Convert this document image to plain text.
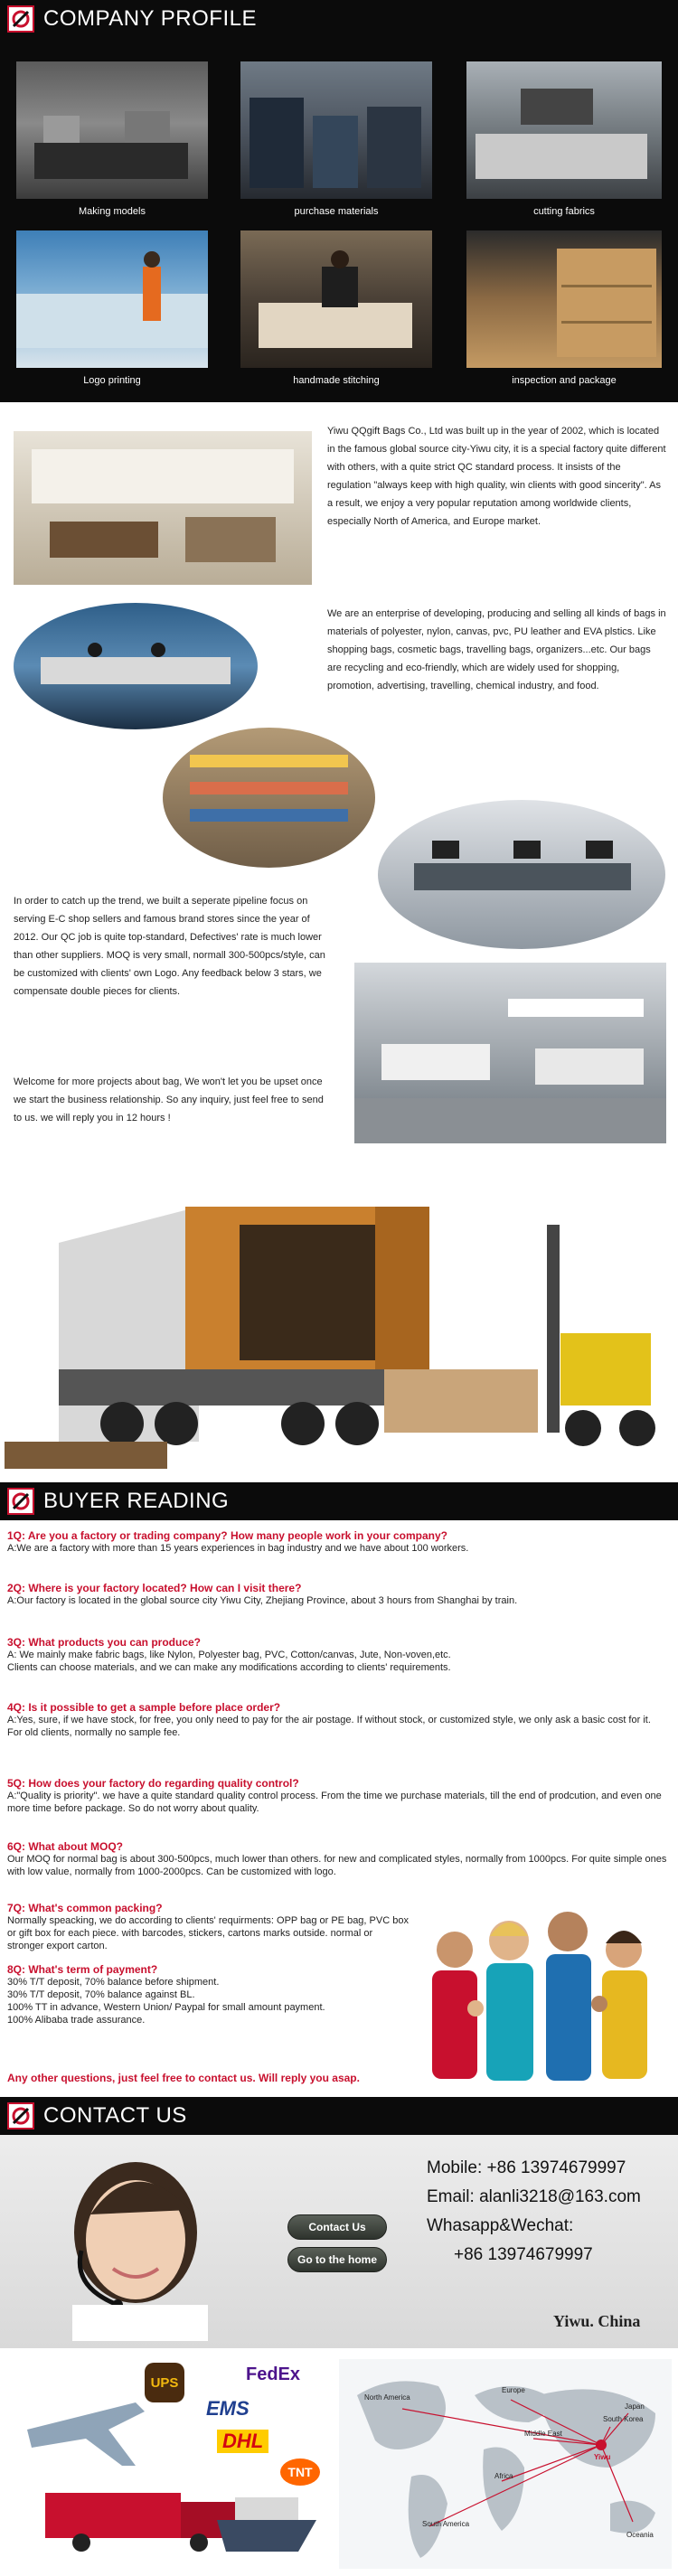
COMPANY PROFILE
Making models	purchase materials	cutting fabrics
Logo printing	handmade stitching	inspection and package

Yiwu QQgift Bags Co., Ltd was built up in the year of 2002, which is located in the famous global source city-Yiwu city, it is a special factory quite different with others, with a quite strict QC standard process. It insists of the regulation "always keep with high quality, win clients with good sincerity". As a result, we enjoy a very popular reputation among worldwide clients, especially North of America, and Europe market.

We are an enterprise of developing, producing and selling all kinds of bags in materials of polyester, nylon, canvas, pvc, PU leather and EVA plstics. Like shopping bags, cosmetic bags, travelling bags, organizers...etc. Our bags are recycling and eco-friendly, which are widely used for shopping, promotion, advertising, travelling, chemical industry, and food.

In order to catch up the trend, we built a seperate pipeline focus on serving E-C shop sellers and famous brand stores since the year of 2012. Our QC job is quite top-standard, Defectives' rate is much lower than other suppliers. MOQ is very small, normall 300-500pcs/style, can be customized with clients' own Logo. Any feedback below 3 stars, we compensate double pieces for clients.

Welcome for more projects about bag, We won't let you be upset once we start the business relationship. So any inquiry, just feel free to send to us. we will reply you in 12 hours !

BUYER READING

1Q: Are you a factory or trading company? How many people work in your company?

A:We are a factory with more than 15 years experiences in bag industry and we have about 100 workers.

2Q: Where is your factory located? How can I visit there?

A:Our factory is located in the global source city Yiwu City, Zhejiang Province, about 3 hours from Shanghai by train.

3Q: What products you can produce?

A: We mainly make fabric bags, like Nylon, Polyester bag, PVC, Cotton/canvas, Jute, Non-voven,etc.
Clients can choose materials, and we can make any modifications according to clients' requirements.

4Q: Is it possible to get a sample before place order?

A:Yes, sure, if we have stock, for free, you only need to pay for the air postage. If without stock, or customized style, we only ask a basic cost for it.
For old clients, normally no sample fee.

5Q: How does your factory do regarding quality control?

A:"Quality is priority". we have a quite standard quality control process. From the time we purchase materials, till the end of prodcution, and even one more time before package. So do not worry about quality.

6Q: What about MOQ?

Our MOQ for normal bag is about 300-500pcs, much lower than others. for new and complicated styles, normally from 1000pcs. For quite simple ones with low value, normally from 1000-2000pcs. Can be customized with logo.

7Q: What's common packing?

Normally speacking, we do according to clients' requirments: OPP bag or PE bag, PVC box or gift box for each piece. with barcodes, stickers, cartons marks outside. normal or stronger export carton.

8Q: What's term of payment?

30% T/T deposit, 70% balance before shipment.
30% T/T deposit, 70% balance against BL.
100% TT in advance, Western Union/ Paypal for small amount payment.
100% Alibaba trade assurance.

Any other questions, just feel free to contact us. Will reply you asap.

CONTACT US
Contact Us
Go to the home
Mobile: +86 13974679997
Email: alanli3218@163.com
Whasapp&Wechat:
+86 13974679997
Yiwu. China
UPS	FedEx
EMS
DHL
TNT
North America
Europe
Japan
South Korea
Middle East
Africa
South America
Oceania
Yiwu
